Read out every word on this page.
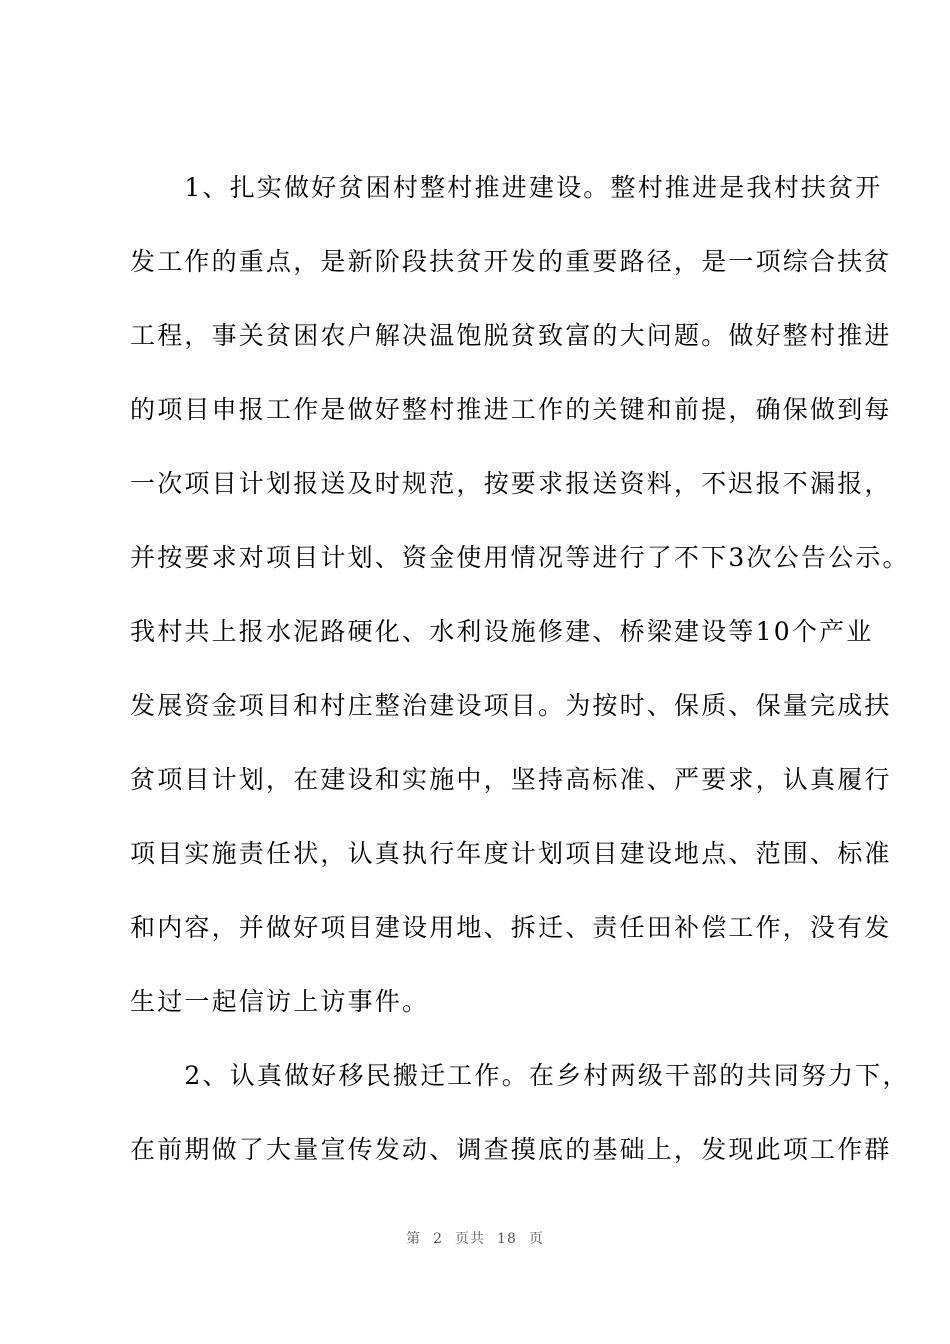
　　1、扎实做好贫困村整村推进建设。整村推进是我村扶贫开
发工作的重点，是新阶段扶贫开发的重要路径，是一项综合扶贫
工程，事关贫困农户解决温饱脱贫致富的大问题。做好整村推进
的项目申报工作是做好整村推进工作的关键和前提，确保做到每
一次项目计划报送及时规范，按要求报送资料，不迟报不漏报，
并按要求对项目计划、资金使用情况等进行了不下3次公告公示。
我村共上报水泥路硬化、水利设施修建、桥梁建设等10个产业
发展资金项目和村庄整治建设项目。为按时、保质、保量完成扶
贫项目计划，在建设和实施中，坚持高标准、严要求，认真履行
项目实施责任状，认真执行年度计划项目建设地点、范围、标准
和内容，并做好项目建设用地、拆迁、责任田补偿工作，没有发
生过一起信访上访事件。
　　2、认真做好移民搬迁工作。在乡村两级干部的共同努力下，
在前期做了大量宣传发动、调查摸底的基础上，发现此项工作群
第 2 页共 18 页
